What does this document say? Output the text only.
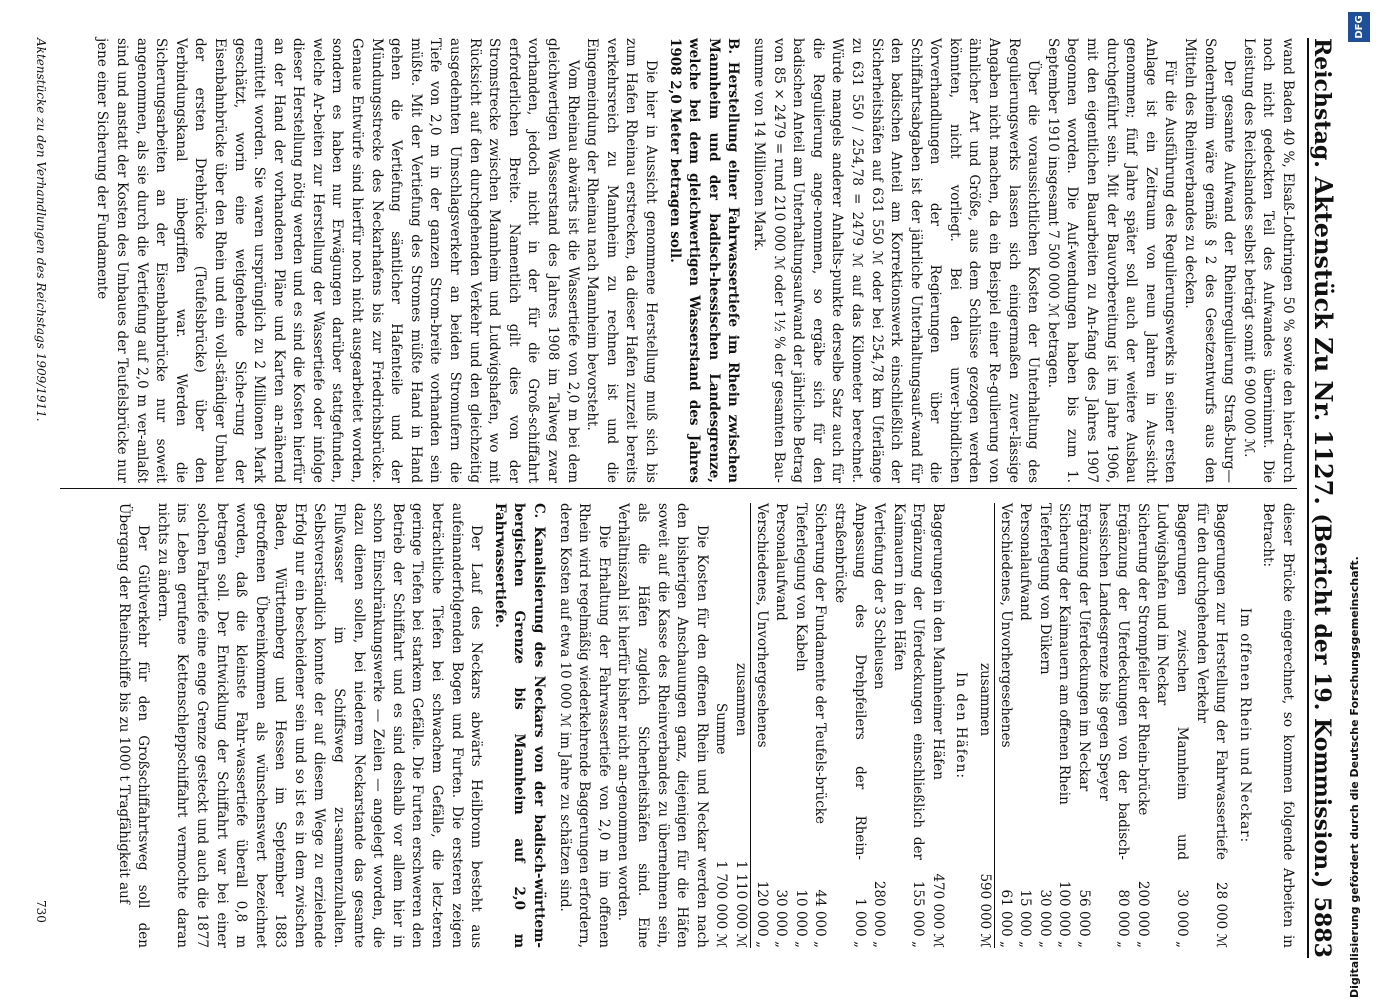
Reichstag.
Aktenstück Zu Nr. 1127.
(Bericht der 19. Kommission.)
5883

wand Baden 40 %, Elsaß-Lothringen 50 % sowie den hier-durch noch nicht gedeckten Teil des Aufwandes übernimmt. Die Leistung des Reichslandes selbst beträgt somit 6 900 000 ℳ.

Der gesamte Aufwand der Rheinregulierung Straß-burg—Sondernheim wäre gemäß § 2 des Gesetzentwurfs aus den Mitteln des Rheinverbandes zu decken.

Für die Ausführung des Regulierungswerks in seiner ersten Anlage ist ein Zeitraum von neun Jahren in Aus-sicht genommen; fünf Jahre später soll auch der weitere Ausbau durchgeführt sein. Mit der Bauvorbereitung ist im Jahre 1906, mit den eigentlichen Bauarbeiten zu An-fang des Jahres 1907 begonnen worden. Die Auf-wendungen haben bis zum 1. September 1910 insgesamt 7 500 000 ℳ betragen.

Über die voraussichtlichen Kosten der Unterhaltung des Regulierungswerks lassen sich einigermaßen zuver-lässige Angaben nicht machen, da ein Beispiel einer Re-gulierung von ähnlicher Art und Größe, aus dem Schlüsse gezogen werden könnten, nicht vorliegt. Bei den unver-bindlichen Vorverhandlungen der Regierungen über die Schiffahrtsabgaben ist der jährliche Unterhaltungsauf-wand für den badischen Anteil am Korrektionswerk einschließlich der Sicherheitshäfen auf 631 550 ℳ oder bei 254,78 km Uferlänge zu 631 550 / 254,78 = 2479 ℳ auf das Kilometer berechnet. Würde mangels anderer Anhalts-punkte derselbe Satz auch für die Regulierung ange-nommen, so ergäbe sich für den badischen Anteil am Unterhaltungsaufwand der jährliche Betrag von 85 × 2479 = rund 210 000 ℳ oder 1½ % der gesamten Bau-summe von 14 Millionen Mark.

B. Herstellung einer Fahrwassertiefe im Rhein zwischen Mannheim und der badisch-hessischen Landesgrenze, welche bei dem gleichwertigen Wasserstand des Jahres 1908 2,0 Meter betragen soll.

Die hier in Aussicht genommene Herstellung muß sich bis zum Hafen Rheinau erstrecken, da dieser Hafen zurzeit bereits verkehrsreich zu Mannheim zu rechnen ist und die Eingemeindung der Rheinau nach Mannheim bevorsteht.

Vom Rheinau abwärts ist die Wassertiefe von 2,0 m bei dem gleichwertigen Wasserstand des Jahres 1908 im Talweg zwar vorhanden, jedoch nicht in der für die Groß-schiffahrt erforderlichen Breite. Namentlich gilt dies von der Stromstrecke zwischen Mannheim und Ludwigshafen, wo mit Rücksicht auf den durchgehenden Verkehr und den gleichzeitig ausgedehnten Umschlagsverkehr an beiden Stromufern die Tiefe von 2,0 m in der ganzen Strom-breite vorhanden sein müßte. Mit der Vertiefung des Stromes müßte Hand in Hand gehen die Vertiefung sämtlicher Hafenteile und der Mündungsstrecke des Neckarhafens bis zur Friedrichsbrücke. Genaue Entwürfe sind hierfür noch nicht ausgearbeitet worden, sondern es haben nur Erwägungen darüber stattgefunden, welche Ar-beiten zur Herstellung der Wassertiefe oder infolge dieser Herstellung nötig werden und es sind die Kosten hierfür an der Hand der vorhandenen Pläne und Karten an-nähernd ermittelt worden. Sie waren ursprünglich zu 2 Millionen Mark geschätzt, worin eine weitgehende Siche-rung der Eisenbahnbrücke über den Rhein und ein voll-ständiger Umbau der ersten Drehbrücke (Teufelsbrücke) über den Verbindungskanal inbegriffen war. Werden die Sicherungsarbeiten an der Eisenbahnbrücke nur soweit angenommen, als sie durch die Vertiefung auf 2,0 m ver-anlaßt sind und anstatt der Kosten des Umbaues der Teufelsbrücke nur jene einer Sicherung der Fundamente

dieser Brücke eingerechnet, so kommen folgende Arbeiten in Betracht:

Im offenen Rhein und Neckar:

Baggerungen zur Herstellung der Fahrwassertiefe für den durchgehenden Verkehr
28 000 ℳ
Baggerungen zwischen Mannheim und Ludwigshafen und im Neckar
30 000 „
Sicherung der Strompfeiler der Rhein-brücke
200 000 „
Ergänzung der Uferdeckungen von der badisch-hessischen Landesgrenze bis gegen Speyer
80 000 „
Ergänzung der Uferdeckungen im Neckar
56 000 „
Sicherung der Kaimauern am offenen Rhein
100 000 „
Tieferlegung von Dükern
30 000 „
Personalaufwand
15 000 „
Verschiedenes, Unvorhergesehenes
61 000 „
zusammen
590 000 ℳ

In den Häfen:

Baggerungen in den Mannheimer Häfen
470 000 ℳ
Ergänzung der Uferdeckungen einschließlich der Kaimauern in den Häfen
155 000 „
Vertiefung der 3 Schleusen
280 000 „
Anpassung des Drehpfeilers der Rhein-straßenbrücke
1 000 „
Sicherung der Fundamente der Teufels-brücke
44 000 „
Tieferlegung von Kabeln
10 000 „
Personalaufwand
30 000 „
Verschiedenes, Unvorhergesehenes
120 000 „
zusammen
1 110 000 ℳ
Summe
1 700 000 ℳ

Die Kosten für den offenen Rhein und Neckar werden nach den bisherigen Anschauungen ganz, diejenigen für die Häfen soweit auf die Kasse des Rheinverbandes zu übernehmen sein, als die Häfen zugleich Sicherheitshäfen sind. Eine Verhältniszahl ist hierfür bisher nicht an-genommen worden.

Die Erhaltung der Fahrwassertiefe von 2,0 m im offenen Rhein wird regelmäßig wiederkehrende Baggerungen erfordern, deren Kosten auf etwa 10 000 ℳ im Jahre zu schätzen sind.

C. Kanalisierung des Neckars von der badisch-württem-bergischen Grenze bis Mannheim auf 2,0 m Fahrwassertiefe.

Der Lauf des Neckars abwärts Heilbronn besteht aus aufeinanderfolgenden Bogen und Furten. Die ersteren zeigen beträchtliche Tiefen bei schwachem Gefälle, die letz-teren geringe Tiefen bei starkem Gefälle. Die Furten erschweren den Betrieb der Schiffahrt und es sind deshalb vor allem hier in schon Einschränkungswerke — Zeilen — angelegt worden, die dazu dienen sollen, bei niederem Neckarstande das gesamte Flußwasser im Schiffsweg zu-sammenzuhalten. Selbstverständlich konnte der auf diesem Wege zu erzielende Erfolg nur ein bescheidener sein und so ist es in dem zwischen Baden, Württemberg und Hessen im September 1883 getroffenen Übereinkommen als wünschenswert bezeichnet worden, daß die kleinste Fahr-wassertiefe überall 0,8 m betragen soll. Der Entwicklung der Schiffahrt war bei einer solchen Fahrtiefe eine enge Grenze gesteckt und auch die 1877 ins Leben gerufene Kettenschleppschiffahrt vermochte daran nichts zu ändern.

Der Gütlverkehr für den Großschiffahrtsweg soll den Übergang der Rheinschiffe bis zu 1000 t Tragfähigkeit auf

Aktenstücke zu den Verhandlungen des Reichstags 1909/1911.
730
DFG
Digitalisierung gefördert durch die Deutsche Forschungsgemeinschaft.
